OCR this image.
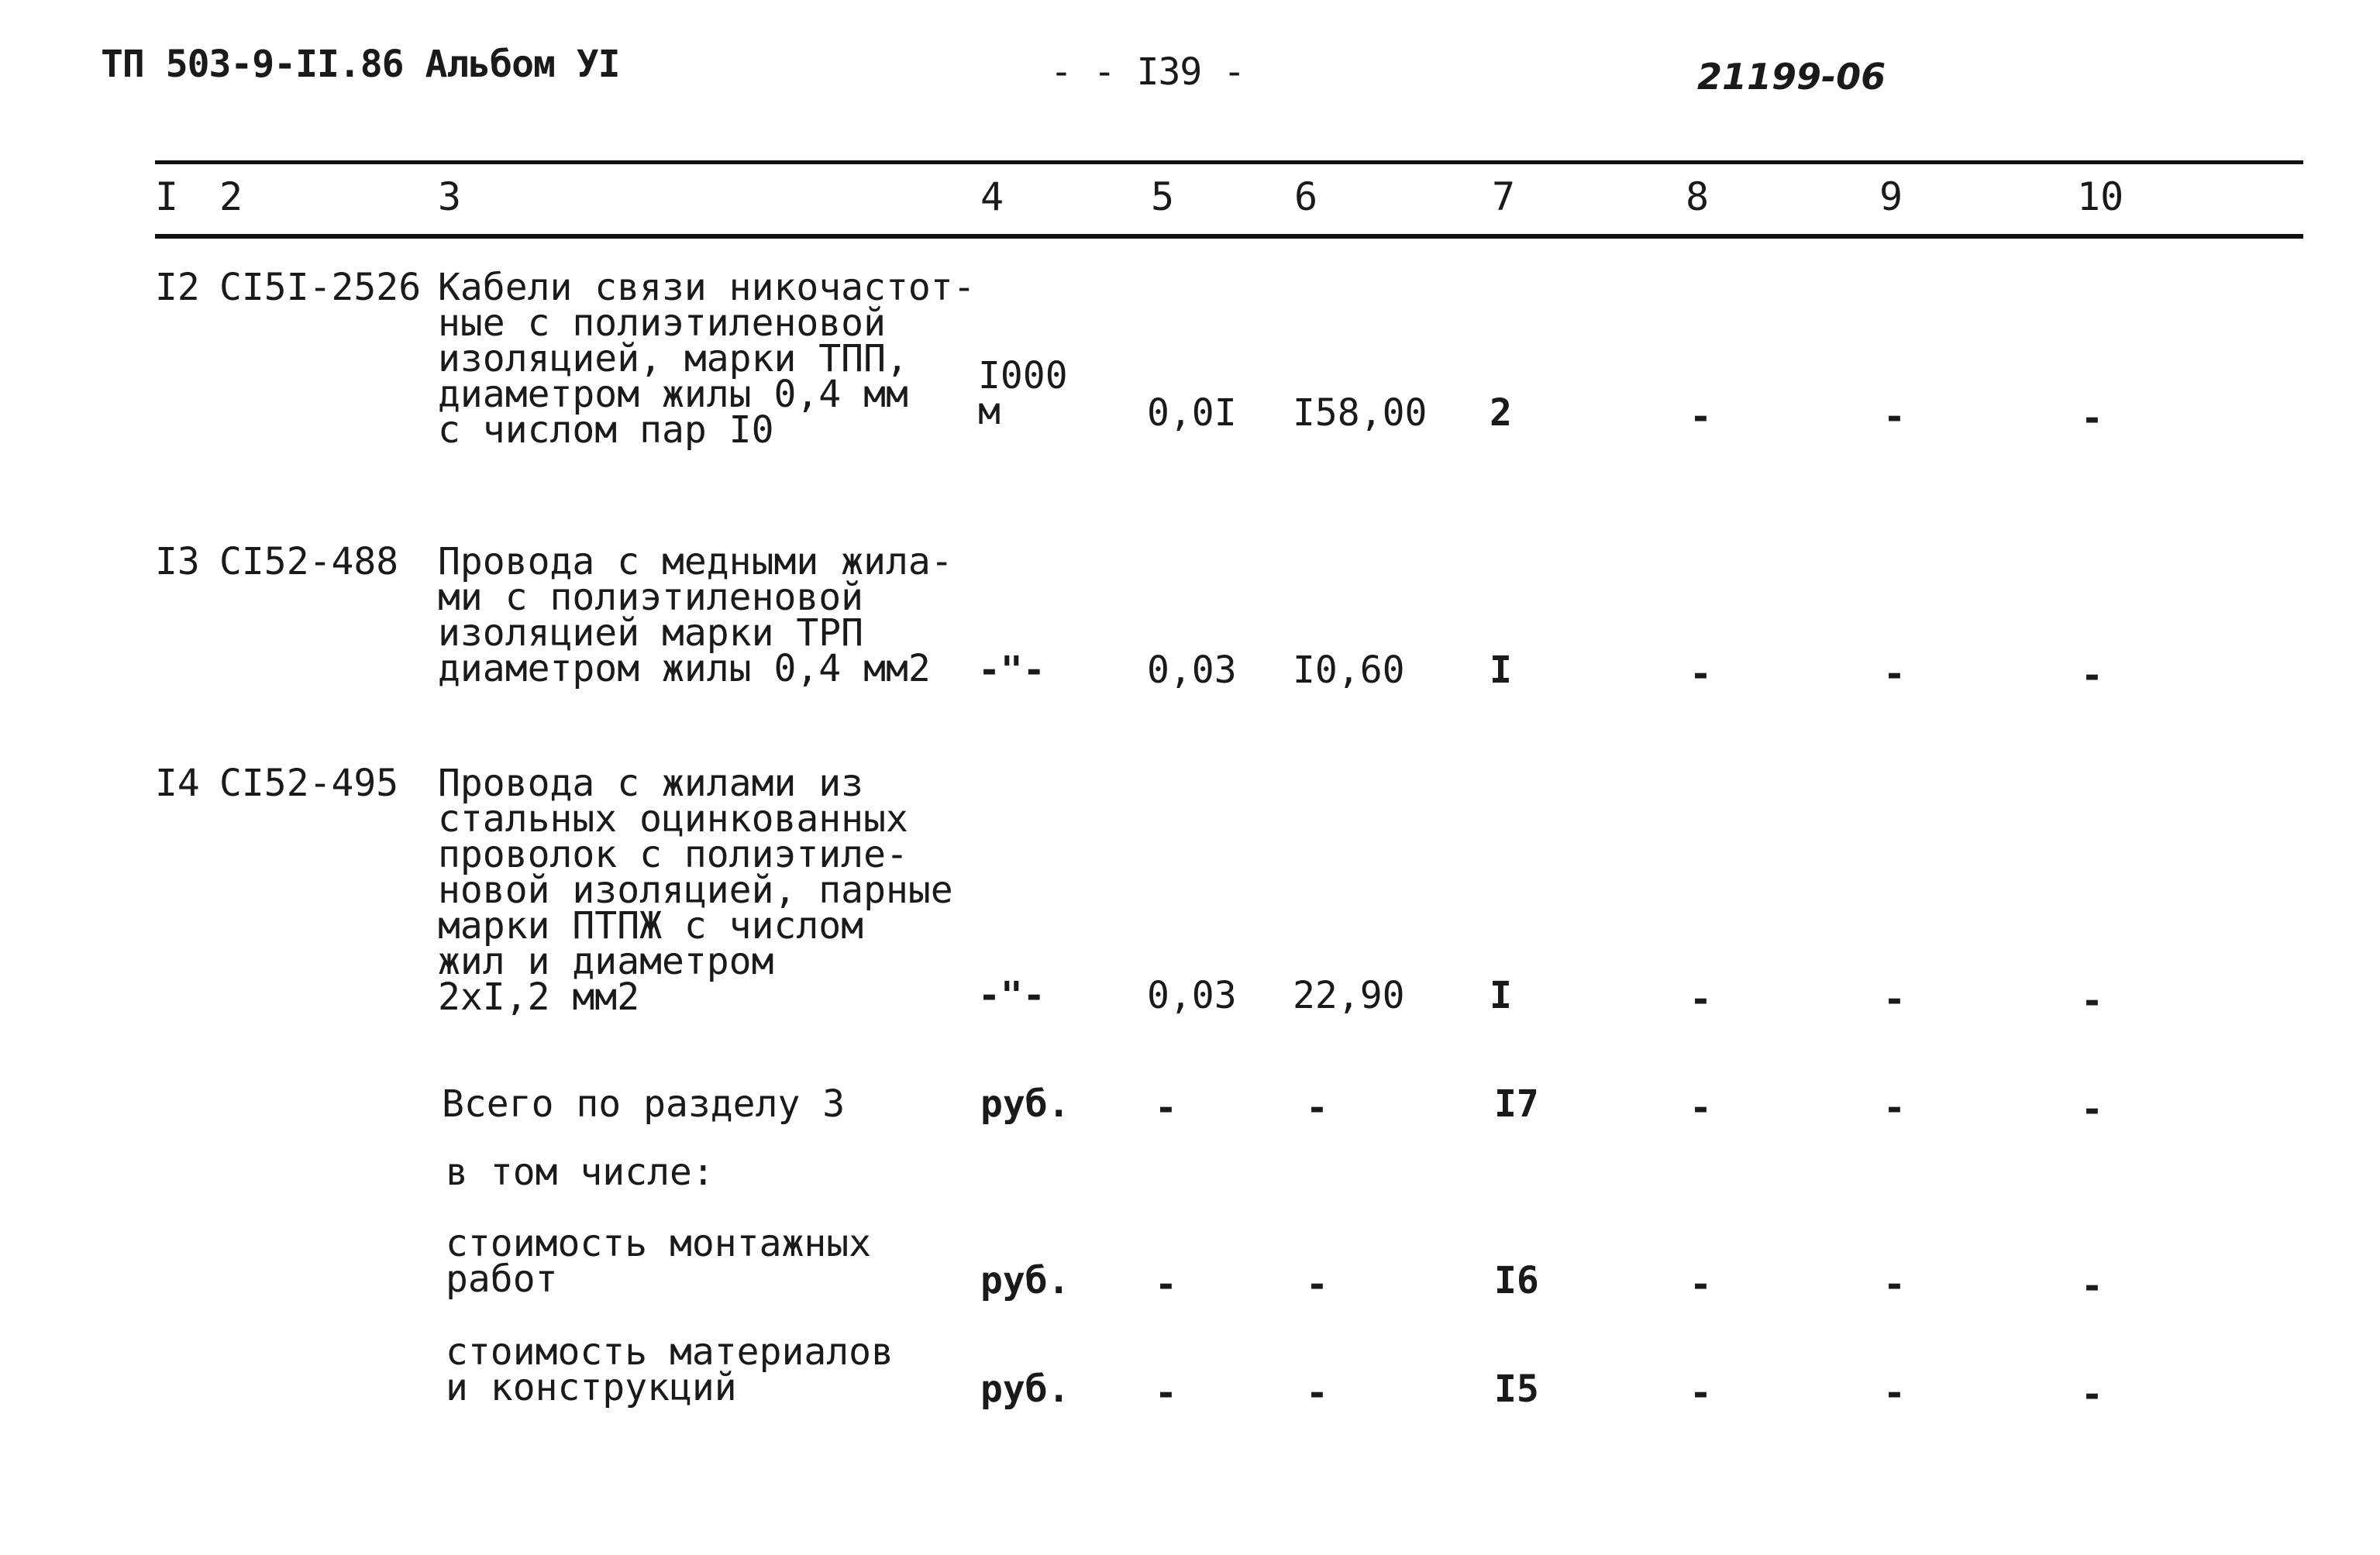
ТП 503-9-II.86 Альбом УI	- - I39 -	21199-06
I 2	3	4	5	6	7	8	9	10
I2 CI5I-2526 Кабели связи никочастот-
ные с полиэтиленовой
изоляцией, марки ТПП,
диаметром жилы 0,4 мм
с числом пар I0
I000
м	0,0I I58,00 2	-	-	-
I3 CI52-488 Провода с медными жила-
ми с полиэтиленовой
изоляцией марки ТРП
диаметром жилы 0,4 мм2	-"-	0,03 I0,60 I	-	-	-
I4 CI52-495 Провода с жилами из
стальных оцинкованных
проволок с полиэтиле-
новой изоляцией, парные
марки ПТПЖ с числом
жил и диаметром
2хI,2 мм2	-"-	0,03 22,90 I	-	-	-
Всего по разделу 3	руб. -	-	I7	-	-	-
в том числе:
стоимость монтажных
работ	руб. -	-	I6	-	-	-
стоимость материалов
и конструкций	руб. -	-	I5	-	-	-
